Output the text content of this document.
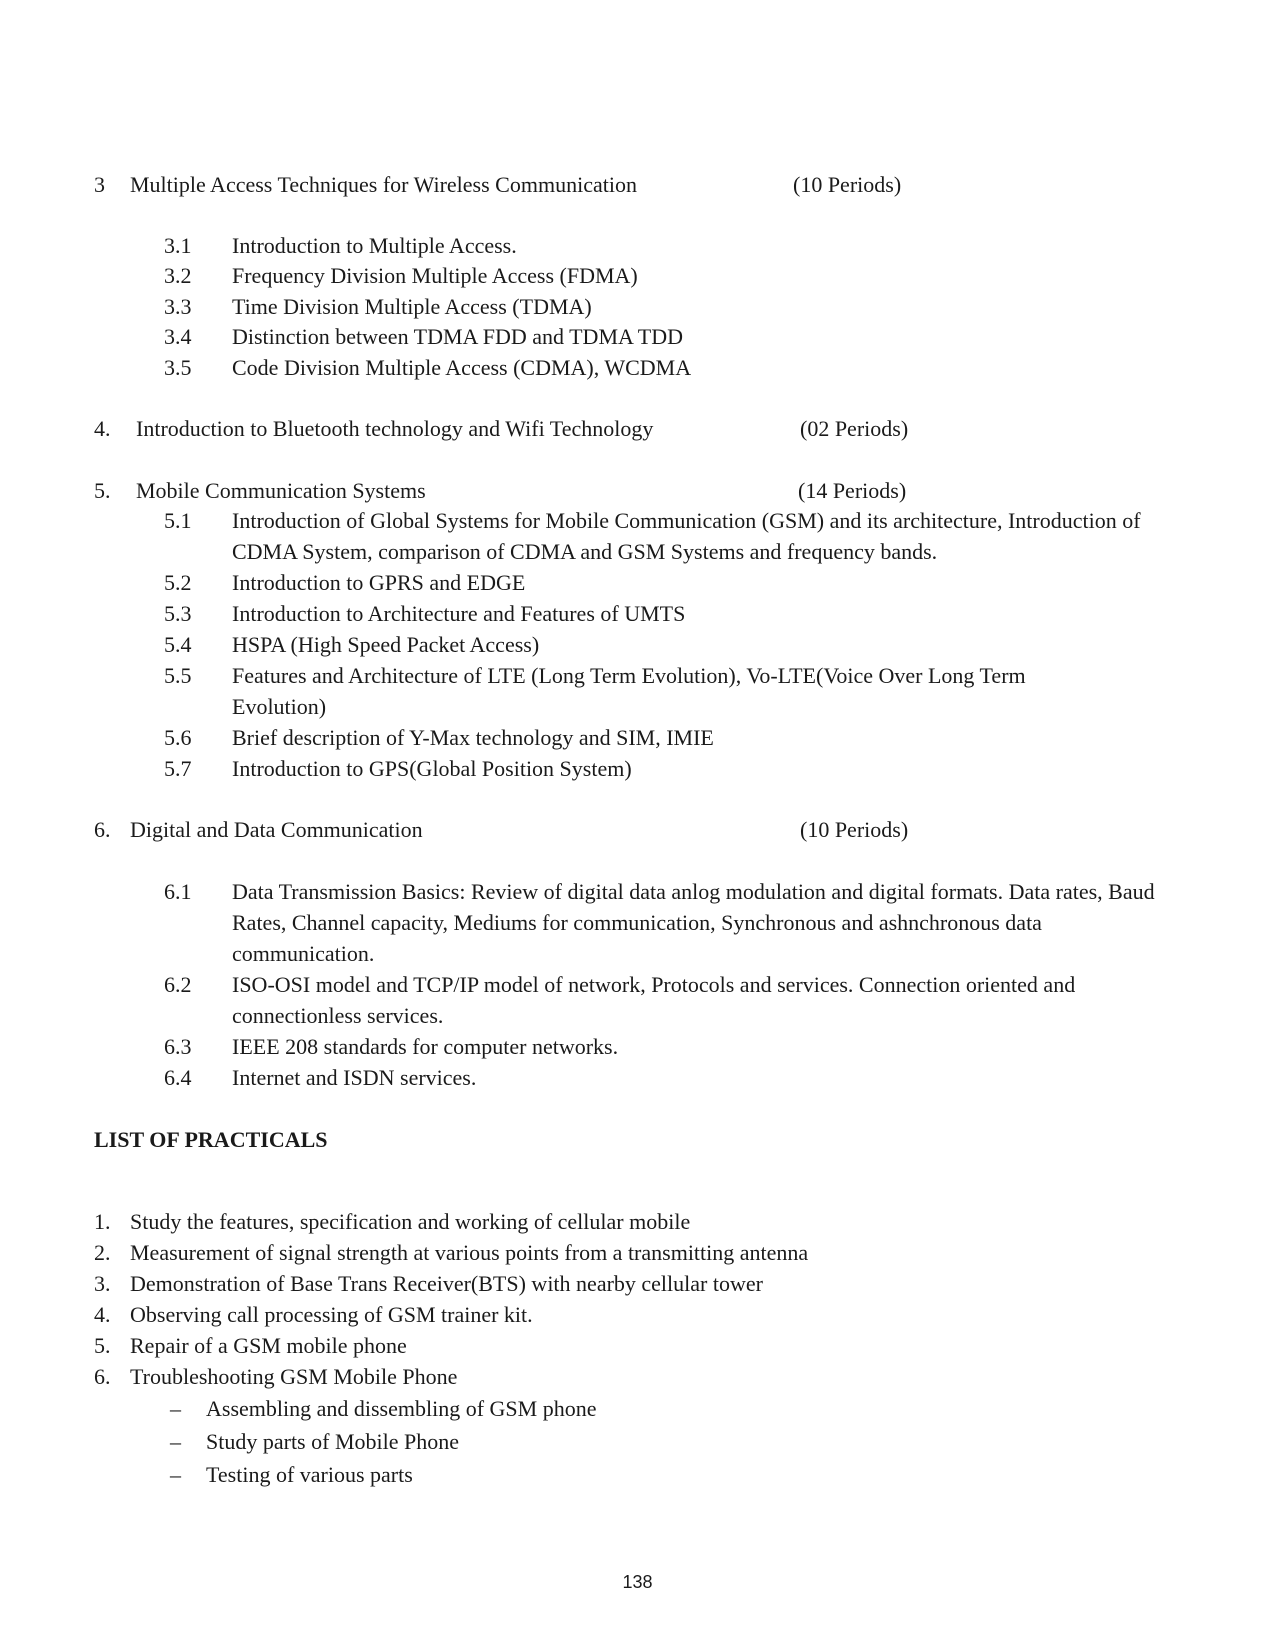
3 Multiple Access Techniques for Wireless Communication	(10 Periods)
3.1 Introduction to Multiple Access.
3.2 Frequency Division Multiple Access (FDMA)
3.3 Time Division Multiple Access (TDMA)
3.4 Distinction between TDMA FDD and TDMA TDD
3.5 Code Division Multiple Access (CDMA), WCDMA
4. Introduction to Bluetooth technology and Wifi Technology	(02 Periods)
5. Mobile Communication Systems	(14 Periods)
5.1 Introduction of Global Systems for Mobile Communication (GSM) and its architecture, Introduction of CDMA System, comparison of CDMA and GSM Systems and frequency bands.
5.2 Introduction to GPRS and EDGE
5.3 Introduction to Architecture and Features of UMTS
5.4 HSPA (High Speed Packet Access)
5.5 Features and Architecture of LTE (Long Term Evolution), Vo-LTE(Voice Over Long Term Evolution)
5.6 Brief description of Y-Max technology and SIM, IMIE
5.7 Introduction to GPS(Global Position System)
6. Digital and Data Communication	(10 Periods)
6.1 Data Transmission Basics: Review of digital data anlog modulation and digital formats. Data rates, Baud Rates, Channel capacity, Mediums for communication, Synchronous and ashnchronous data communication.
6.2 ISO-OSI model and TCP/IP model of network, Protocols and services. Connection oriented and connectionless services.
6.3 IEEE 208 standards for computer networks.
6.4 Internet and ISDN services.
LIST OF PRACTICALS
1. Study the features, specification and working of cellular mobile
2. Measurement of signal strength at various points from a transmitting antenna
3. Demonstration of Base Trans Receiver(BTS) with nearby cellular tower
4. Observing call processing of GSM trainer kit.
5. Repair of a GSM mobile phone
6. Troubleshooting GSM Mobile Phone
– Assembling and dissembling of GSM phone
– Study parts of Mobile Phone
– Testing of various parts
138
